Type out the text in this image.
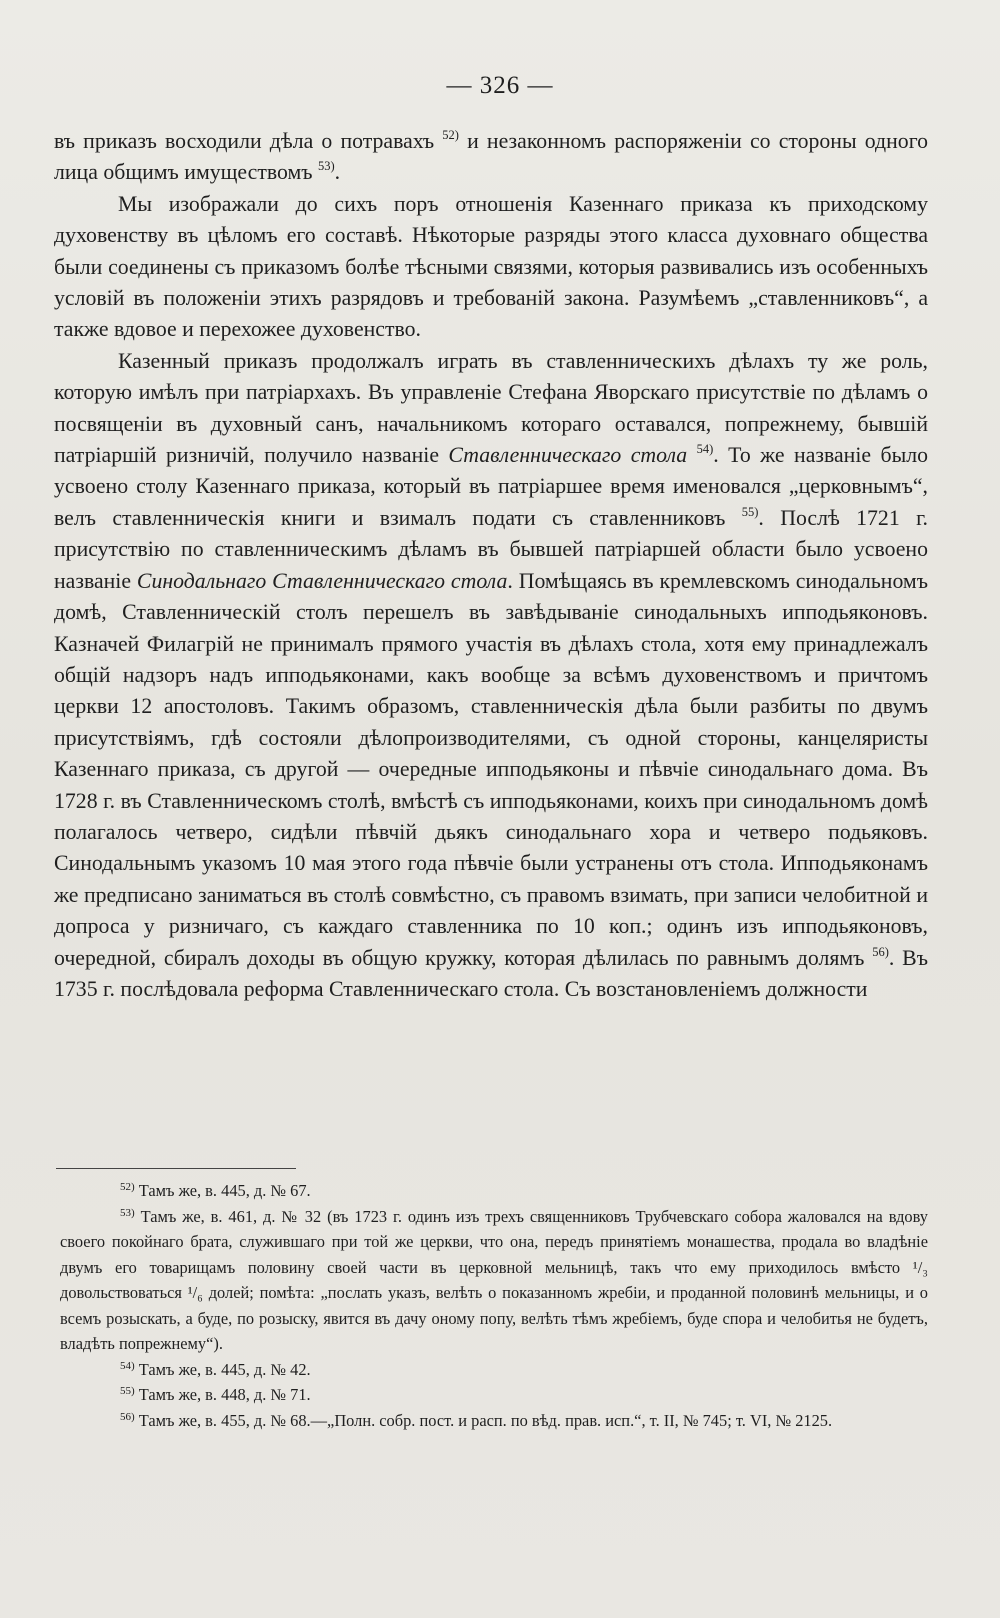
— 326 —

въ приказъ восходили дѣла о потравахъ $^{52)}$ и незаконномъ распоряженіи со стороны одного лица общимъ имуществомъ $^{53)}$.

Мы изображали до сихъ поръ отношенія Казеннаго приказа къ приходскому духовенству въ цѣломъ его составѣ. Нѣкоторые разряды этого класса духовнаго общества были соединены съ приказомъ болѣе тѣсными связями, которыя развивались изъ особенныхъ условій въ положеніи этихъ разрядовъ и требованій закона. Разумѣемъ „ставленниковъ“, а также вдовое и перехожее духовенство.

Казенный приказъ продолжалъ играть въ ставленническихъ дѣлахъ ту же роль, которую имѣлъ при патріархахъ. Въ управленіе Стефана Яворскаго присутствіе по дѣламъ о посвященіи въ духовный санъ, начальникомъ котораго оставался, попрежнему, бывшій патріаршій ризничій, получило названіе Ставленническаго стола $^{54)}$. То же названіе было усвоено столу Казеннаго приказа, который въ патріаршее время именовался „церковнымъ“, велъ ставленническія книги и взималъ подати съ ставленниковъ $^{55)}$. Послѣ 1721 г. присутствію по ставленническимъ дѣламъ въ бывшей патріаршей области было усвоено названіе Синодальнаго Ставленническаго стола. Помѣщаясь въ кремлевскомъ синодальномъ домѣ, Ставленническій столъ перешелъ въ завѣдываніе синодальныхъ ипподьяконовъ. Казначей Филагрій не принималъ прямого участія въ дѣлахъ стола, хотя ему принадлежалъ общій надзоръ надъ ипподьяконами, какъ вообще за всѣмъ духовенствомъ и причтомъ церкви 12 апостоловъ. Такимъ образомъ, ставленническія дѣла были разбиты по двумъ присутствіямъ, гдѣ состояли дѣлопроизводителями, съ одной стороны, канцеляристы Казеннаго приказа, съ другой — очередные ипподьяконы и пѣвчіе синодальнаго дома. Въ 1728 г. въ Ставленническомъ столѣ, вмѣстѣ съ ипподьяконами, коихъ при синодальномъ домѣ полагалось четверо, сидѣли пѣвчій дьякъ синодальнаго хора и четверо подьяковъ. Синодальнымъ указомъ 10 мая этого года пѣвчіе были устранены отъ стола. Ипподьяконамъ же предписано заниматься въ столѣ совмѣстно, съ правомъ взимать, при записи челобитной и допроса у ризничаго, съ каждаго ставленника по 10 коп.; одинъ изъ ипподьяконовъ, очередной, сбиралъ доходы въ общую кружку, которая дѣлилась по равнымъ долямъ $^{56)}$. Въ 1735 г. послѣдовала реформа Ставленническаго стола. Съ возстановленіемъ должности

$^{52)}$ Тамъ же, в. 445, д. № 67.

$^{53)}$ Тамъ же, в. 461, д. № 32 (въ 1723 г. одинъ изъ трехъ священниковъ Трубчевскаго собора жаловался на вдову своего покойнаго брата, служившаго при той же церкви, что она, передъ принятіемъ монашества, продала во владѣніе двумъ его товарищамъ половину своей части въ церковной мельницѣ, такъ что ему приходилось вмѣсто ¹/₃ довольствоваться ¹/₆ долей; помѣта: „послать указъ, велѣть о показанномъ жребіи, и проданной половинѣ мельницы, и о всемъ розыскать, а буде, по розыску, явится въ дачу оному попу, велѣть тѣмъ жребіемъ, буде спора и челобитья не будетъ, владѣть попрежнему“).

$^{54)}$ Тамъ же, в. 445, д. № 42.

$^{55)}$ Тамъ же, в. 448, д. № 71.

$^{56)}$ Тамъ же, в. 455, д. № 68.—„Полн. собр. пост. и расп. по вѣд. прав. исп.“, т. II, № 745; т. VI, № 2125.
